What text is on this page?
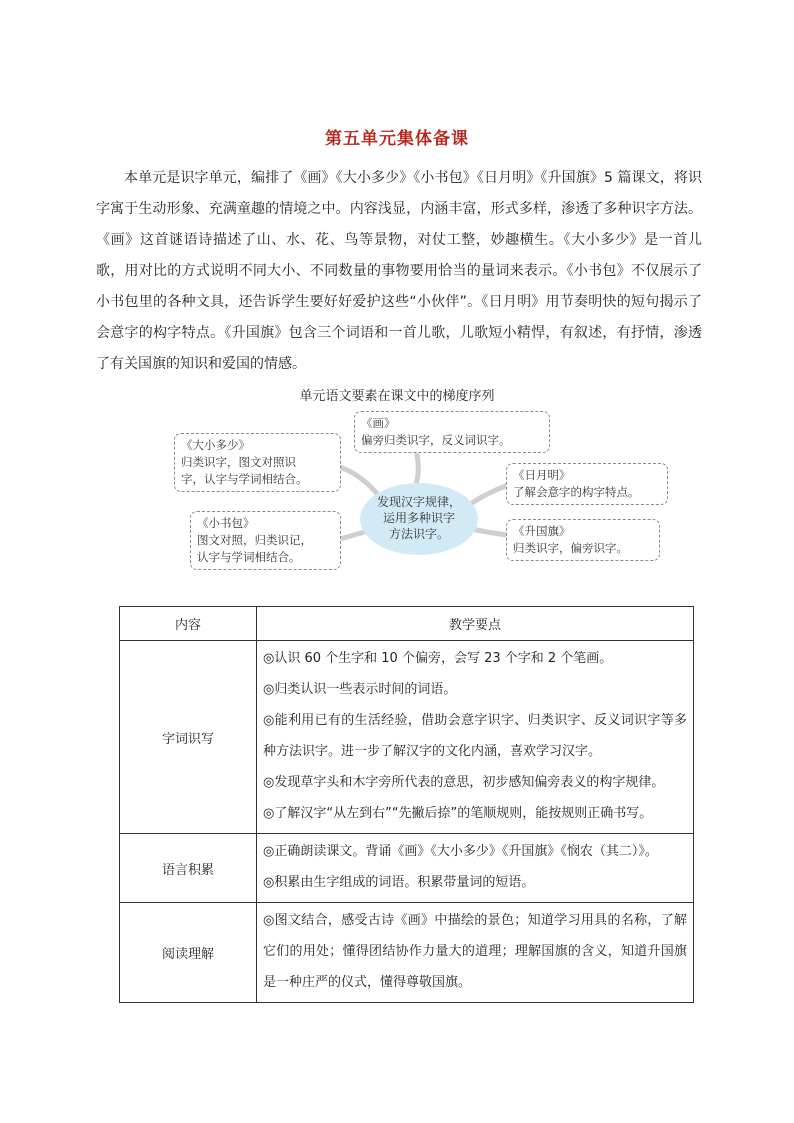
第五单元集体备课
本单元是识字单元，编排了《画》《大小多少》《小书包》《日月明》《升国旗》5 篇课文，将识字寓于生动形象、充满童趣的情境之中。内容浅显，内涵丰富，形式多样，渗透了多种识字方法。《画》这首谜语诗描述了山、水、花、鸟等景物，对仗工整，妙趣横生。《大小多少》是一首儿歌，用对比的方式说明不同大小、不同数量的事物要用恰当的量词来表示。《小书包》不仅展示了小书包里的各种文具，还告诉学生要好好爱护这些“小伙伴”。《日月明》用节奏明快的短句揭示了会意字的构字特点。《升国旗》包含三个词语和一首儿歌，儿歌短小精悍，有叙述，有抒情，渗透了有关国旗的知识和爱国的情感。
单元语文要素在课文中的梯度序列
《大小多少》
归类识字，图文对照识
字，认字与学词相结合。
《画》
偏旁归类识字，反义词识字。
《日月明》
了解会意字的构字特点。
《小书包》
图文对照，归类识记，
认字与学词相结合。
《升国旗》
归类识字，偏旁识字。
发现汉字规律，
运用多种识字
方法识字。
内容	教学要点
字词识写	◎认识 60 个生字和 10 个偏旁，会写 23 个字和 2 个笔画。
◎归类认识一些表示时间的词语。
◎能利用已有的生活经验，借助会意字识字、归类识字、反义词识字等多种方法识字。进一步了解汉字的文化内涵，喜欢学习汉字。
◎发现草字头和木字旁所代表的意思，初步感知偏旁表义的构字规律。
◎了解汉字“从左到右”“先撇后捺”的笔顺规则，能按规则正确书写。

语言积累	◎正确朗读课文。背诵《画》《大小多少》《升国旗》《悯农（其二）》。
◎积累由生字组成的词语。积累带量词的短语。

阅读理解	◎图文结合，感受古诗《画》中描绘的景色；知道学习用具的名称，了解它们的用处；懂得团结协作力量大的道理；理解国旗的含义，知道升国旗是一种庄严的仪式，懂得尊敬国旗。
